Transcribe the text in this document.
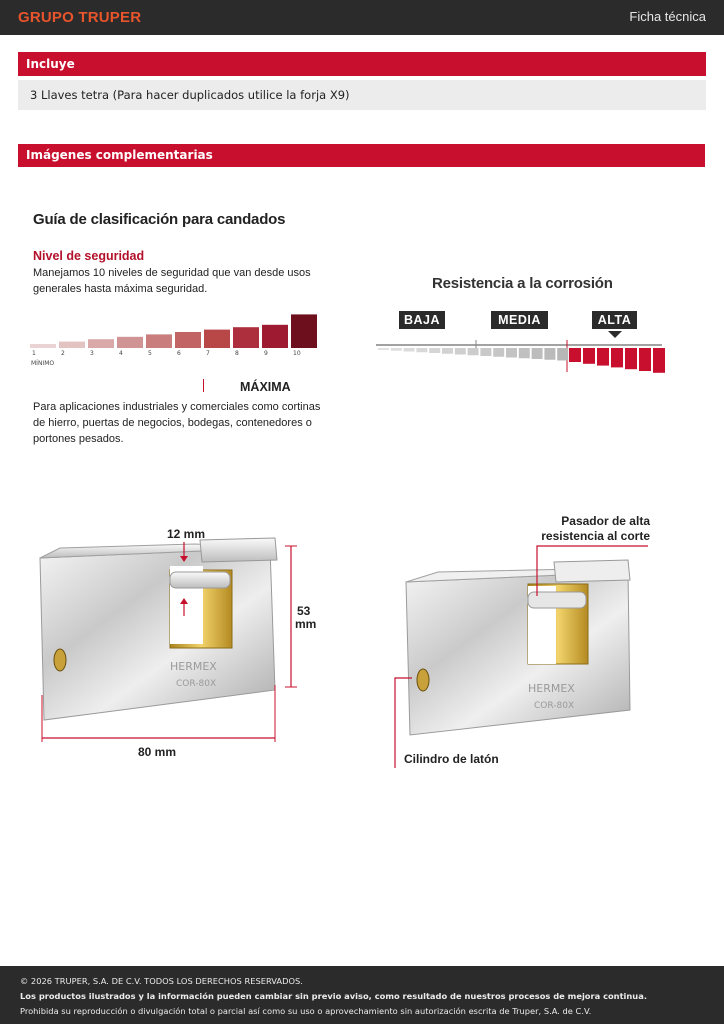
GRUPO TRUPER	Ficha técnica
Incluye
3 Llaves tetra (Para hacer duplicados utilice la forja X9)
Imágenes complementarias
Guía de clasificación para candados
Nivel de seguridad
Manejamos 10 niveles de seguridad que van desde usos
generales hasta máxima seguridad.
1	2	3	4	5	6	7	8	9	10
MÍNIMO
MÁXIMA
Para aplicaciones industriales y comerciales como cortinas
de hierro, puertas de negocios, bodegas, contenedores o
portones pesados.
Resistencia a la corrosión
BAJA	MEDIA	ALTA
HERMEX
COR-80X
12 mm
53
mm
80 mm
HERMEX
COR-80X
Pasador de alta
resistencia al corte
Cilindro de latón
© 2026 TRUPER, S.A. DE C.V. TODOS LOS DERECHOS RESERVADOS.
Los productos ilustrados y la información pueden cambiar sin previo aviso, como resultado de nuestros procesos de mejora continua.
Prohibida su reproducción o divulgación total o parcial así como su uso o aprovechamiento sin autorización escrita de Truper, S.A. de C.V.
